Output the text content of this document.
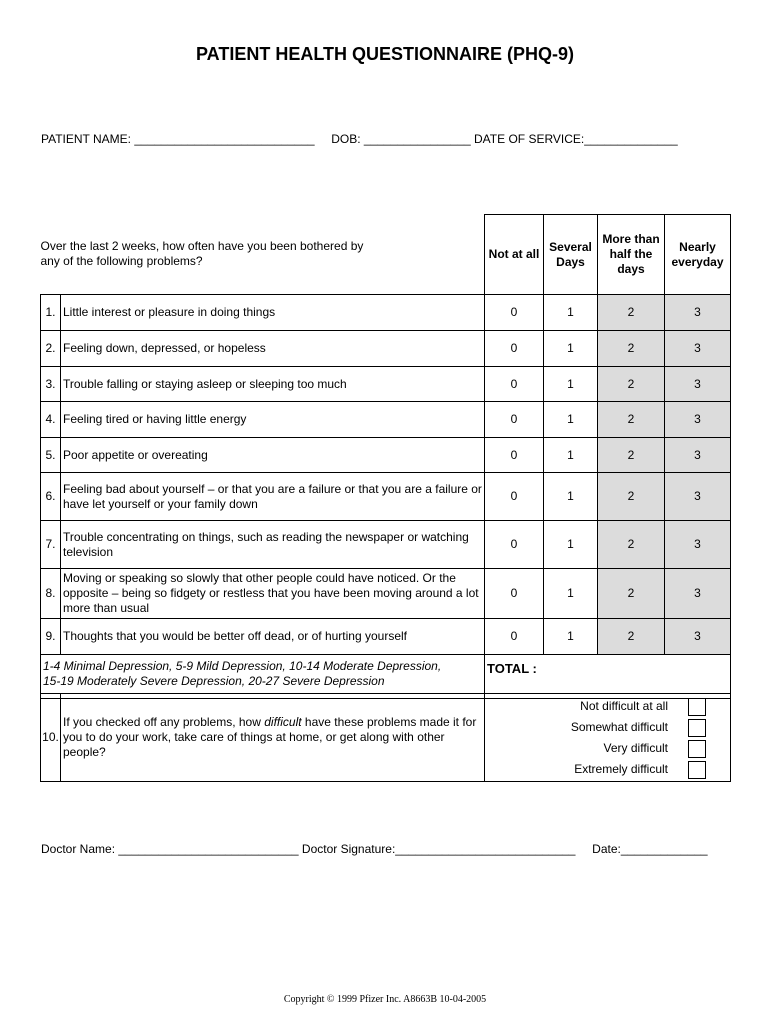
PATIENT HEALTH QUESTIONNAIRE (PHQ-9)
PATIENT NAME: ___________________________ DOB: ________________ DATE OF SERVICE:______________
Over the last 2 weeks, how often have you been bothered by any of the following problems?		Not at all	Several Days	More than half the days	Nearly everyday
1.	Little interest or pleasure in doing things	0	1	2	3
2.	Feeling down, depressed, or hopeless	0	1	2	3
3.	Trouble falling or staying asleep or sleeping too much	0	1	2	3
4.	Feeling tired or having little energy	0	1	2	3
5.	Poor appetite or overeating	0	1	2	3
6.	Feeling bad about yourself – or that you are a failure or that you are a failure or have let yourself or your family down	0	1	2	3
7.	Trouble concentrating on things, such as reading the newspaper or watching television	0	1	2	3
8.	Moving or speaking so slowly that other people could have noticed. Or the opposite – being so fidgety or restless that you have been moving around a lot more than usual	0	1	2	3
9.	Thoughts that you would be better off dead, or of hurting yourself	0	1	2	3

1-4 Minimal Depression, 5-9 Mild Depression, 10-14 Moderate Depression,
15-19 Moderately Severe Depression, 20-27 Severe Depression		TOTAL :			
10.	If you checked off any problems, how difficult have these problems made it for you to do your work, take care of things at home, or get along with other people?	
Not difficult at all
Somewhat difficult
Very difficult
Extremely difficult
Doctor Name: ___________________________ Doctor Signature:___________________________ Date:_____________
Copyright © 1999 Pfizer Inc. A8663B 10-04-2005
